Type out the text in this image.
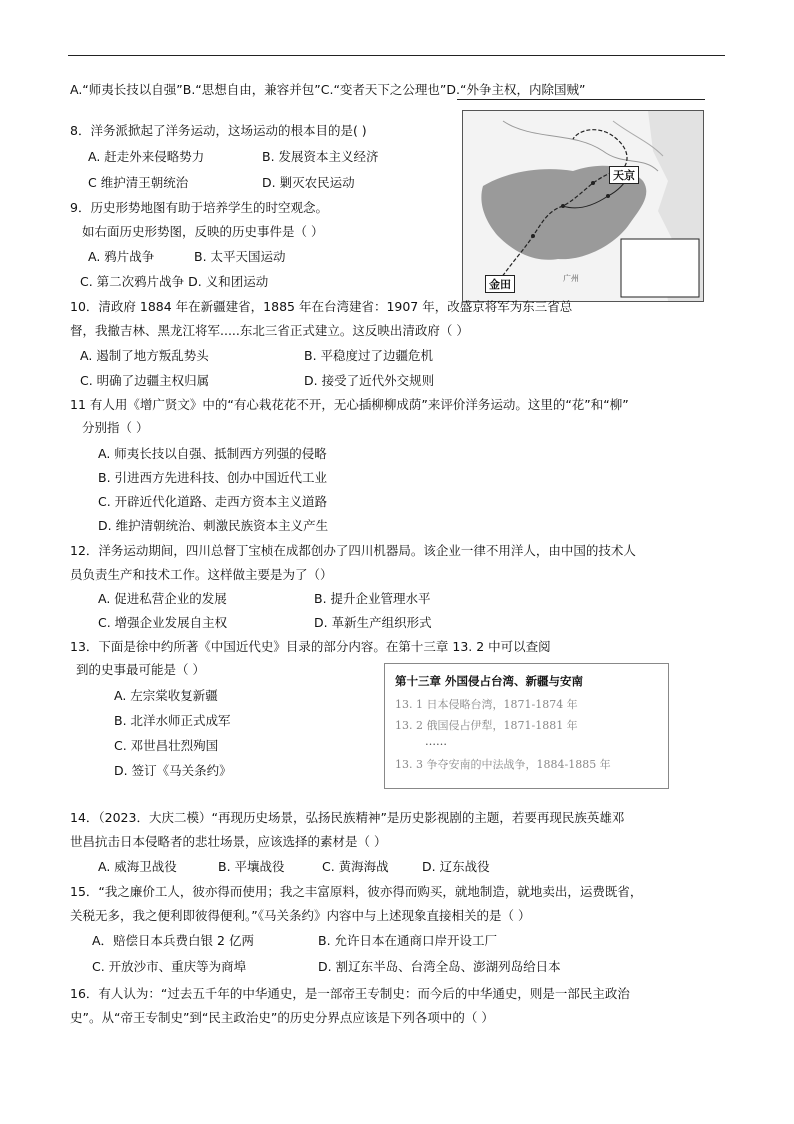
A.“师夷长技以自强”B.“思想自由，兼容并包”C.“变者天下之公理也”D.“外争主权，内除国贼”
8．洋务派掀起了洋务运动，这场运动的根本目的是( )
A. 赶走外来侵略势力	B. 发展资本主义经济
C 维护清王朝统治	D. 剿灭农民运动
9．历史形势地图有助于培养学生的时空观念。
如右面历史形势图，反映的历史事件是（ ）
A. 鸦片战争	B. 太平天国运动
C. 第二次鸦片战争 D. 义和团运动
天京
金田	广州
10．清政府 1884 年在新疆建省，1885 年在台湾建省：1907 年，改盛京将军为东三省总
督，我撤吉林、黑龙江将军.....东北三省正式建立。这反映出清政府（ ）
A. 遏制了地方叛乱势头	B. 平稳度过了边疆危机
C. 明确了边疆主权归属	D. 接受了近代外交规则
11 有人用《增广贤文》中的“有心栽花花不开，无心插柳柳成荫”来评价洋务运动。这里的“花”和“柳”
分别指（ ）
A. 师夷长技以自强、抵制西方列强的侵略
B. 引进西方先进科技、创办中国近代工业
C. 开辟近代化道路、走西方资本主义道路
D. 维护清朝统治、刺激民族资本主义产生
12．洋务运动期间，四川总督丁宝桢在成都创办了四川机器局。该企业一律不用洋人，由中国的技术人
员负责生产和技术工作。这样做主要是为了（）
A. 促进私营企业的发展	B. 提升企业管理水平
C. 增强企业发展自主权	D. 革新生产组织形式
13．下面是徐中约所著《中国近代史》目录的部分内容。在第十三章 13. 2 中可以查阅
到的史事最可能是（ ）
A. 左宗棠收复新疆
B. 北洋水师正式成军
C. 邓世昌壮烈殉国
D. 签订《马关条约》
第十三章 外国侵占台湾、新疆与安南
13. 1 日本侵略台湾，1871-1874 年
13. 2 俄国侵占伊犁，1871-1881 年
……
13. 3 争夺安南的中法战争，1884-1885 年
14．（2023．大庆二模）“再现历史场景，弘扬民族精神”是历史影视剧的主题，若要再现民族英雄邓
世昌抗击日本侵略者的悲壮场景，应该选择的素材是（ ）
A. 威海卫战役	B. 平壤战役	C. 黄海海战	D. 辽东战役
15．“我之廉价工人，彼亦得而使用；我之丰富原料，彼亦得而购买，就地制造，就地卖出，运费既省，
关税无多，我之便利即彼得便利。”《马关条约》内容中与上述现象直接相关的是（ ）
A．赔偿日本兵费白银 2 亿两	B. 允许日本在通商口岸开设工厂
C. 开放沙市、重庆等为商埠	D. 割辽东半岛、台湾全岛、澎湖列岛给日本
16．有人认为：“过去五千年的中华通史，是一部帝王专制史：而今后的中华通史，则是一部民主政治
史”。从“帝王专制史”到“民主政治史”的历史分界点应该是下列各项中的（ ）
